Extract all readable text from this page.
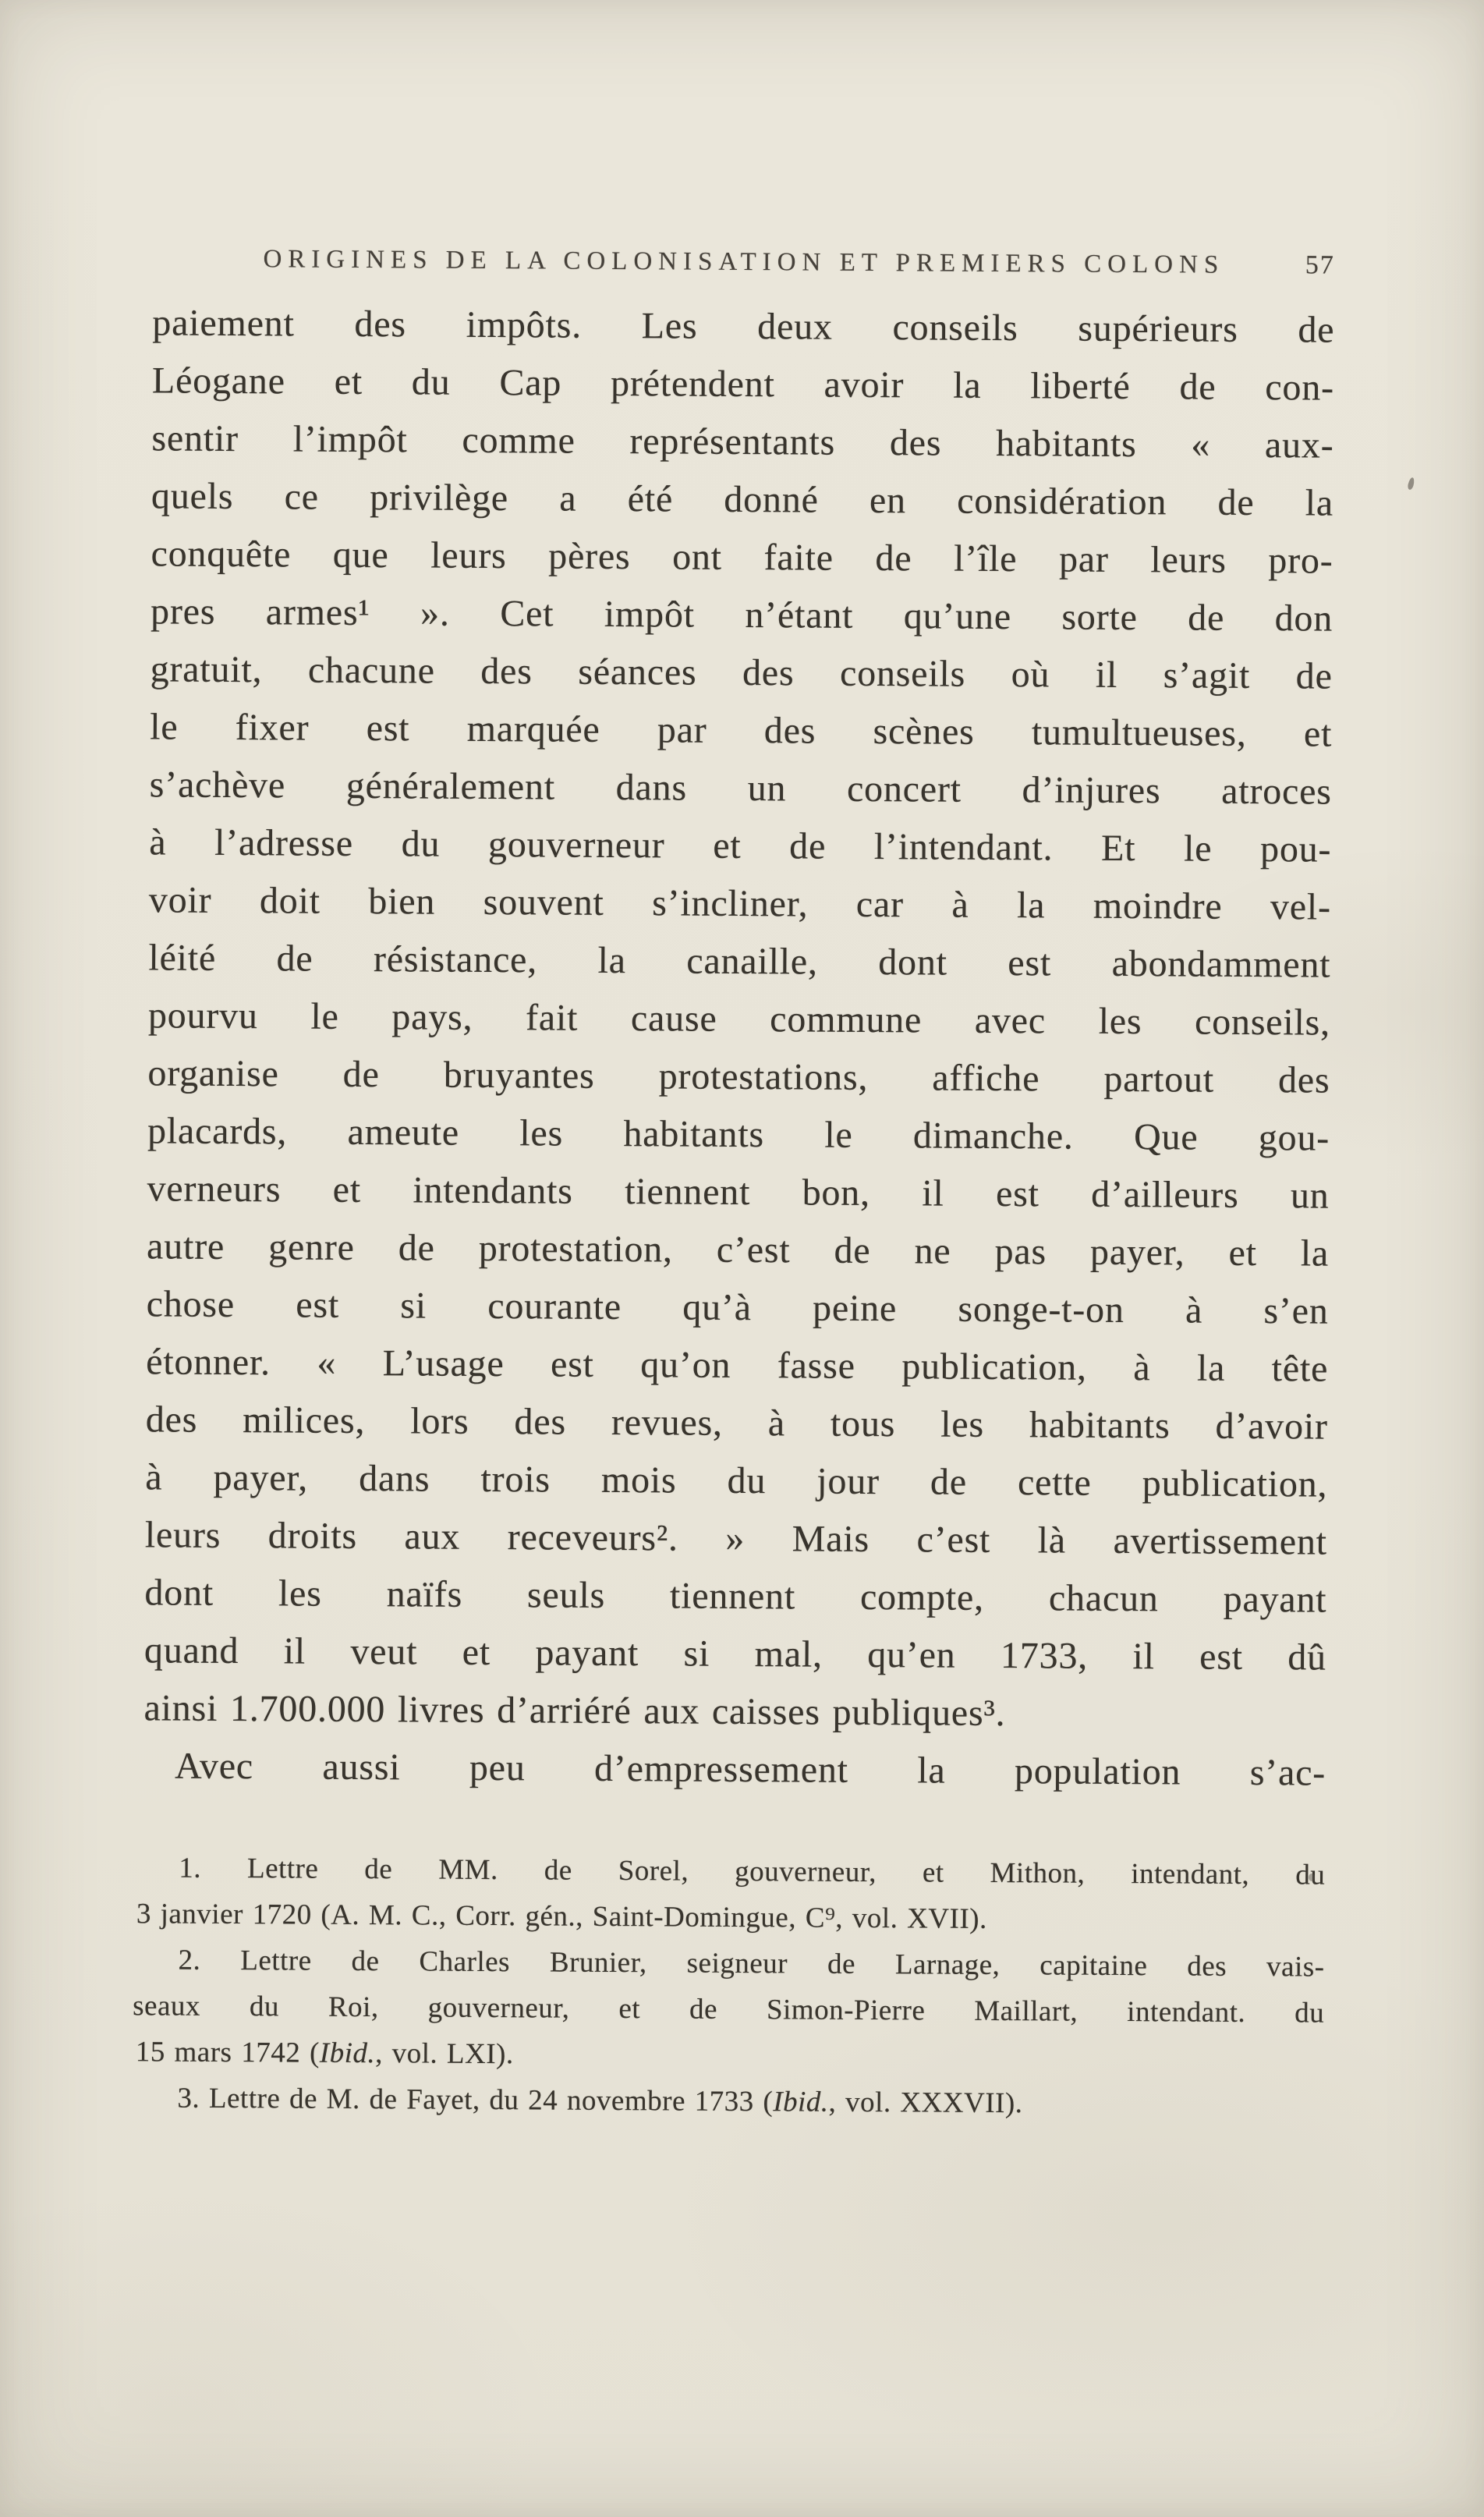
ORIGINES DE LA COLONISATION ET PREMIERS COLONS	57
paiement des impôts. Les deux conseils supérieurs de
Léogane et du Cap prétendent avoir la liberté de con-
sentir l’impôt comme représentants des habitants « aux-
quels ce privilège a été donné en considération de la
conquête que leurs pères ont faite de l’île par leurs pro-
pres armes¹ ». Cet impôt n’étant qu’une sorte de don
gratuit, chacune des séances des conseils où il s’agit de
le fixer est marquée par des scènes tumultueuses, et
s’achève généralement dans un concert d’injures atroces
à l’adresse du gouverneur et de l’intendant. Et le pou-
voir doit bien souvent s’incliner, car à la moindre vel-
léité de résistance, la canaille, dont est abondamment
pourvu le pays, fait cause commune avec les conseils,
organise de bruyantes protestations, affiche partout des
placards, ameute les habitants le dimanche. Que gou-
verneurs et intendants tiennent bon, il est d’ailleurs un
autre genre de protestation, c’est de ne pas payer, et la
chose est si courante qu’à peine songe-t-on à s’en
étonner. « L’usage est qu’on fasse publication, à la tête
des milices, lors des revues, à tous les habitants d’avoir
à payer, dans trois mois du jour de cette publication,
leurs droits aux receveurs². » Mais c’est là avertissement
dont les naïfs seuls tiennent compte, chacun payant
quand il veut et payant si mal, qu’en 1733, il est dû
ainsi 1.700.000 livres d’arriéré aux caisses publiques³.
Avec aussi peu d’empressement la population s’ac-
1. Lettre de MM. de Sorel, gouverneur, et Mithon, intendant, du
3 janvier 1720 (A. M. C., Corr. gén., Saint-Domingue, C⁹, vol. XVII).
2. Lettre de Charles Brunier, seigneur de Larnage, capitaine des vais-
seaux du Roi, gouverneur, et de Simon-Pierre Maillart, intendant. du
15 mars 1742 (Ibid., vol. LXI).
3. Lettre de M. de Fayet, du 24 novembre 1733 (Ibid., vol. XXXVII).
